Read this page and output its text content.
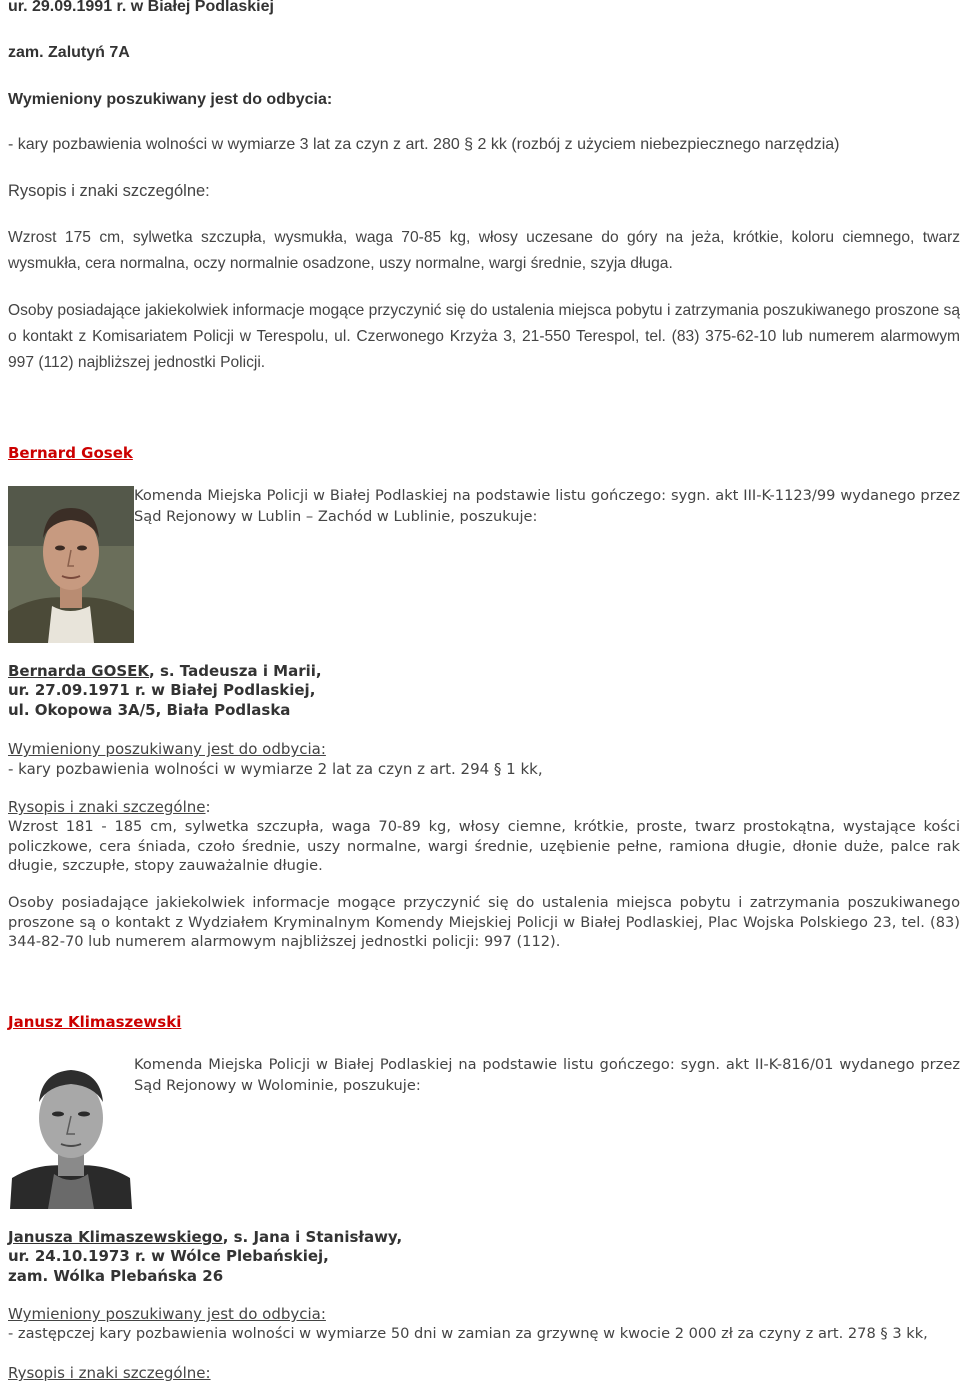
ur. 29.09.1991 r. w Białej Podlaskiej
zam. Zalutyń 7A
Wymieniony poszukiwany jest do odbycia:
- kary pozbawienia wolności w wymiarze 3 lat za czyn z art. 280 § 2 kk (rozbój z użyciem niebezpiecznego narzędzia)
Rysopis i znaki szczególne:
Wzrost 175 cm, sylwetka szczupła, wysmukła, waga 70-85 kg, włosy uczesane do góry na jeża, krótkie, koloru ciemnego, twarz wysmukła, cera normalna, oczy normalnie osadzone, uszy normalne, wargi średnie, szyja długa.
Osoby posiadające jakiekolwiek informacje mogące przyczynić się do ustalenia miejsca pobytu i zatrzymania poszukiwanego proszone są o kontakt z Komisariatem Policji w Terespolu, ul. Czerwonego Krzyża 3, 21-550 Terespol, tel. (83) 375-62-10 lub numerem alarmowym 997 (112) najbliższej jednostki Policji.
Bernard Gosek
Komenda Miejska Policji w Białej Podlaskiej na podstawie listu gończego: sygn. akt III-K-1123/99 wydanego przez Sąd Rejonowy w Lublin – Zachód w Lublinie, poszukuje:
Bernarda GOSEK, s. Tadeusza i Marii,
ur. 27.09.1971 r. w Białej Podlaskiej,
ul. Okopowa 3A/5, Biała Podlaska
Wymieniony poszukiwany jest do odbycia:
- kary pozbawienia wolności w wymiarze 2 lat za czyn z art. 294 § 1 kk,
Rysopis i znaki szczególne:
Wzrost 181 - 185 cm, sylwetka szczupła, waga 70-89 kg, włosy ciemne, krótkie, proste, twarz prostokątna, wystające kości policzkowe, cera śniada, czoło średnie, uszy normalne, wargi średnie, uzębienie pełne, ramiona długie, dłonie duże, palce rak długie, szczupłe, stopy zauważalnie długie.
Osoby posiadające jakiekolwiek informacje mogące przyczynić się do ustalenia miejsca pobytu i zatrzymania poszukiwanego proszone są o kontakt z Wydziałem Kryminalnym Komendy Miejskiej Policji w Białej Podlaskiej, Plac Wojska Polskiego 23, tel. (83) 344-82-70 lub numerem alarmowym najbliższej jednostki policji: 997 (112).
Janusz Klimaszewski
Komenda Miejska Policji w Białej Podlaskiej na podstawie listu gończego: sygn. akt II-K-816/01 wydanego przez Sąd Rejonowy w Wolominie, poszukuje:
Janusza Klimaszewskiego, s. Jana i Stanisławy,
ur. 24.10.1973 r. w Wólce Plebańskiej,
zam. Wólka Plebańska 26
Wymieniony poszukiwany jest do odbycia:
- zastępczej kary pozbawienia wolności w wymiarze 50 dni w zamian za grzywnę w kwocie 2 000 zł za czyny z art. 278 § 3 kk,
Rysopis i znaki szczególne:
